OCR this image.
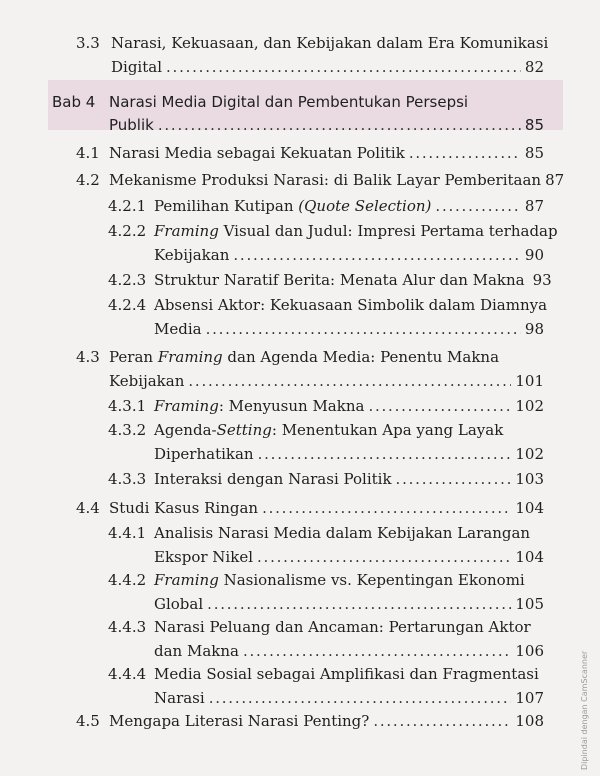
3.3 Narasi, Kekuasaan, dan Kebijakan dalam Era Komunikasi
Digital . . .	82
Bab 4 Narasi Media Digital dan Pembentukan Persepsi
Publik . . .	85
4.1 Narasi Media sebagai Kekuatan Politik . . .	85
4.2 Mekanisme Produksi Narasi: di Balik Layar Pemberitaan 87
4.2.1 Pemilihan Kutipan (Quote Selection) . . .	87
4.2.2 Framing Visual dan Judul: Impresi Pertama terhadap
Kebijakan . . .	90
4.2.3 Struktur Naratif Berita: Menata Alur dan Makna 93
4.2.4 Absensi Aktor: Kekuasaan Simbolik dalam Diamnya
Media . . .	98
4.3 Peran Framing dan Agenda Media: Penentu Makna
Kebijakan . . .	101
4.3.1 Framing: Menyusun Makna . . .	102
4.3.2 Agenda-Setting: Menentukan Apa yang Layak
Diperhatikan . . .	102
4.3.3 Interaksi dengan Narasi Politik . . .	103
4.4 Studi Kasus Ringan . . .	104
4.4.1 Analisis Narasi Media dalam Kebijakan Larangan
Ekspor Nikel . . .	104
4.4.2 Framing Nasionalisme vs. Kepentingan Ekonomi
Global . . .	105
4.4.3 Narasi Peluang dan Ancaman: Pertarungan Aktor
dan Makna . . .	106
4.4.4 Media Sosial sebagai Amplifikasi dan Fragmentasi
Narasi . . .	107
4.5 Mengapa Literasi Narasi Penting? . . .	108	Dipindai dengan CamScanner
